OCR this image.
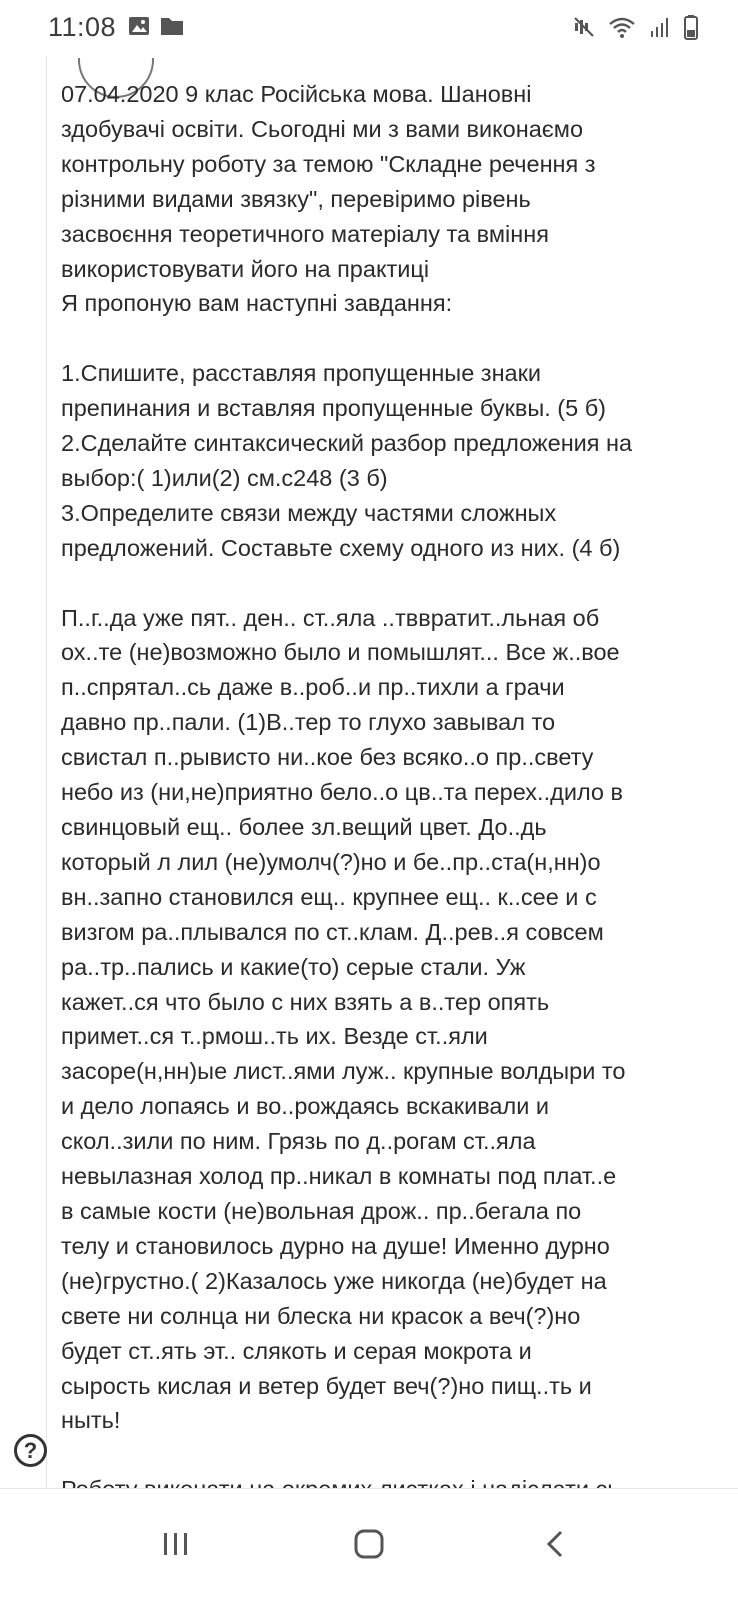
11:08

07.04.2020 9 клас Російська мова. Шановні

здобувачі освіти. Сьогодні ми з вами виконаємо

контрольну роботу за темою "Складне речення з

різними видами звязку", перевіримо рівень

засвоєння теоретичного матеріалу та вміння

використовувати його на практиці

Я пропоную вам наступні завдання:

1.Спишите, расставляя пропущенные знаки

препинания и вставляя пропущенные буквы. (5 б)

2.Сделайте синтаксический разбор предложения на

выбор:( 1)или(2) см.с248 (3 б)

3.Определите связи между частями сложных

предложений. Составьте схему одного из них. (4 б)

П..г..да уже пят.. ден.. ст..яла ..тввратит..льная об

ох..те (не)возможно было и помышлят... Все ж..вое

п..спрятал..сь даже в..роб..и пр..тихли а грачи

давно пр..пали. (1)В..тер то глухо завывал то

свистал п..рывисто ни..кое без всяко..о пр..свету

небо из (ни,не)приятно бело..о цв..та перех..дило в

свинцовый ещ.. более зл.вещий цвет. До..дь

который л лил (не)умолч(?)но и бе..пр..ста(н,нн)о

вн..запно становился ещ.. крупнее ещ.. к..сее и с

визгом ра..плывался по ст..клам. Д..рев..я совсем

ра..тр..пались и какие(то) серые стали. Уж

кажет..ся что было с них взять а в..тер опять

примет..ся т..рмош..ть их. Везде ст..яли

засоре(н,нн)ые лист..ями луж.. крупные волдыри то

и дело лопаясь и во..рождаясь вскакивали и

скол..зили по ним. Грязь по д..рогам ст..яла

невылазная холод пр..никал в комнаты под плат..е

в самые кости (не)вольная дрож.. пр..бегала по

телу и становилось дурно на душе! Именно дурно

(не)грустно.( 2)Казалось уже никогда (не)будет на

свете ни солнца ни блеска ни красок а веч(?)но

будет ст..ять эт.. слякоть и серая мокрота и

сырость кислая и ветер будет веч(?)но пищ..ть и

ныть!

?
